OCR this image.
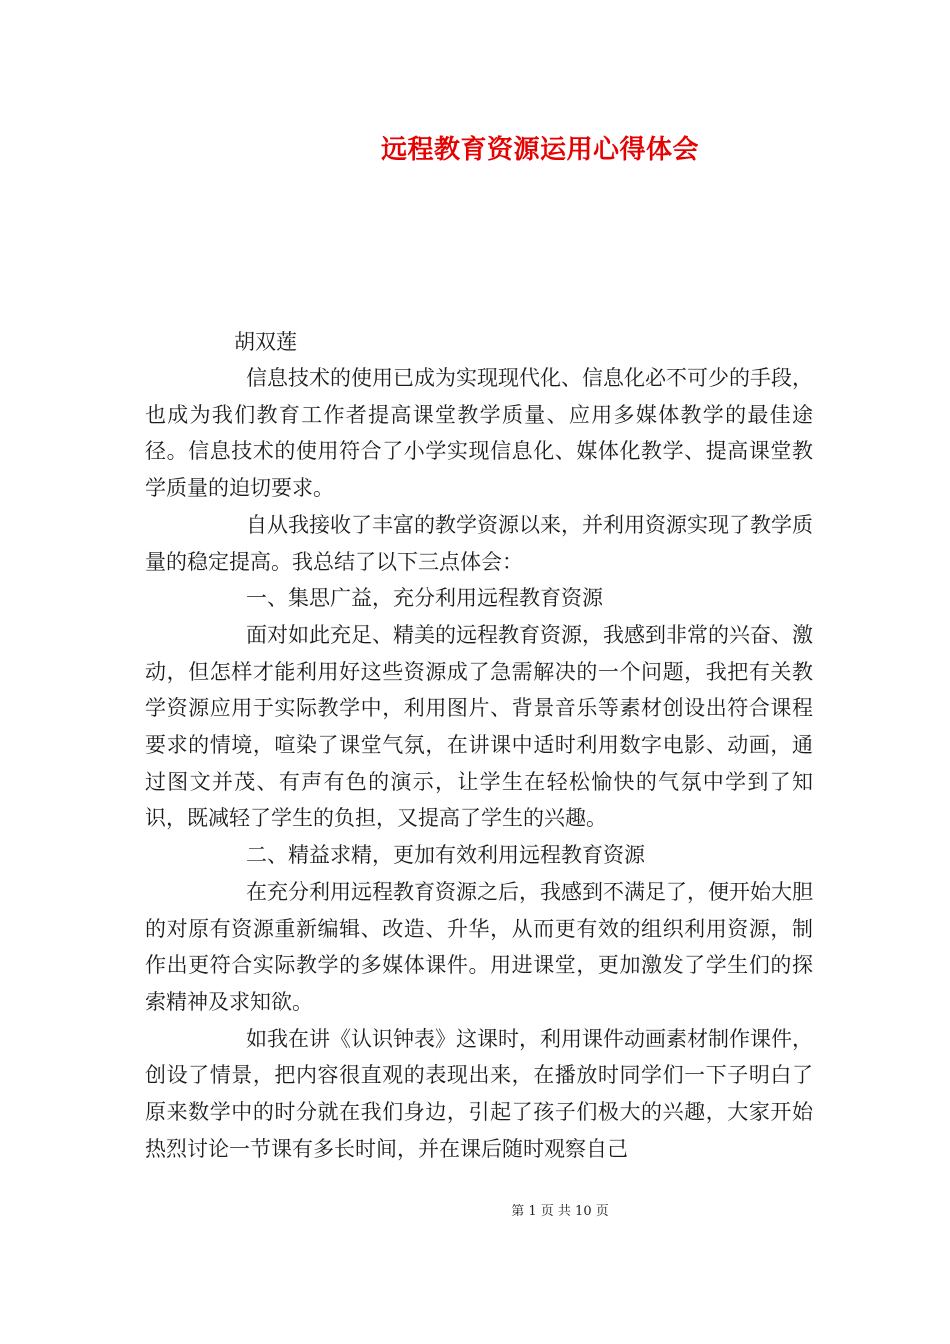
远程教育资源运用心得体会
胡双莲

信息技术的使用已成为实现现代化、信息化必不可少的手段，也成为我们教育工作者提高课堂教学质量、应用多媒体教学的最佳途径。信息技术的使用符合了小学实现信息化、媒体化教学、提高课堂教学质量的迫切要求。

自从我接收了丰富的教学资源以来，并利用资源实现了教学质量的稳定提高。我总结了以下三点体会：

一、集思广益，充分利用远程教育资源

面对如此充足、精美的远程教育资源，我感到非常的兴奋、激动，但怎样才能利用好这些资源成了急需解决的一个问题，我把有关教学资源应用于实际教学中，利用图片、背景音乐等素材创设出符合课程要求的情境，喧染了课堂气氛，在讲课中适时利用数字电影、动画，通过图文并茂、有声有色的演示，让学生在轻松愉快的气氛中学到了知识，既减轻了学生的负担，又提高了学生的兴趣。

二、精益求精，更加有效利用远程教育资源

在充分利用远程教育资源之后，我感到不满足了，便开始大胆的对原有资源重新编辑、改造、升华，从而更有效的组织利用资源，制作出更符合实际教学的多媒体课件。用进课堂，更加激发了学生们的探索精神及求知欲。

如我在讲《认识钟表》这课时，利用课件动画素材制作课件，创设了情景，把内容很直观的表现出来，在播放时同学们一下子明白了原来数学中的时分就在我们身边，引起了孩子们极大的兴趣，大家开始热烈讨论一节课有多长时间，并在课后随时观察自己

第 1 页 共 10 页
